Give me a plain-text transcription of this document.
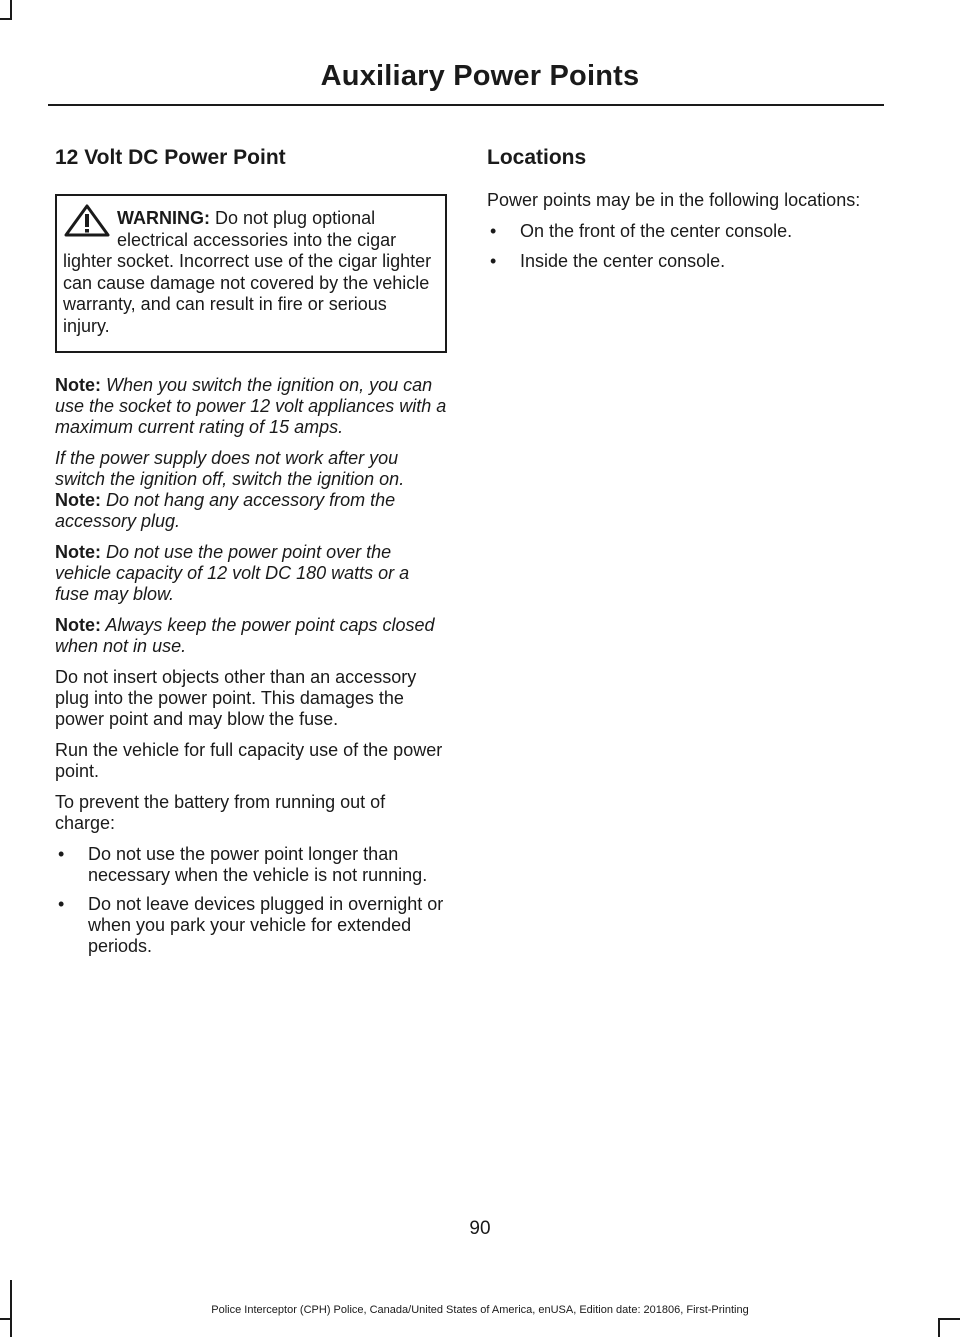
Auxiliary Power Points
12 Volt DC Power Point
WARNING: Do not plug optional electrical accessories into the cigar lighter socket. Incorrect use of the cigar lighter can cause damage not covered by the vehicle warranty, and can result in fire or serious injury.

Note: When you switch the ignition on, you can use the socket to power 12 volt appliances with a maximum current rating of 15 amps.

If the power supply does not work after you switch the ignition off, switch the ignition on.

Note: Do not hang any accessory from the accessory plug.

Note: Do not use the power point over the vehicle capacity of 12 volt DC 180 watts or a fuse may blow.

Note: Always keep the power point caps closed when not in use.

Do not insert objects other than an accessory plug into the power point. This damages the power point and may blow the fuse.

Run the vehicle for full capacity use of the power point.

To prevent the battery from running out of charge:

• Do not use the power point longer than necessary when the vehicle is not running.
• Do not leave devices plugged in overnight or when you park your vehicle for extended periods.
Locations

Power points may be in the following locations:

• On the front of the center console.
• Inside the center console.
90
Police Interceptor (CPH) Police, Canada/United States of America, enUSA, Edition date: 201806, First-Printing
